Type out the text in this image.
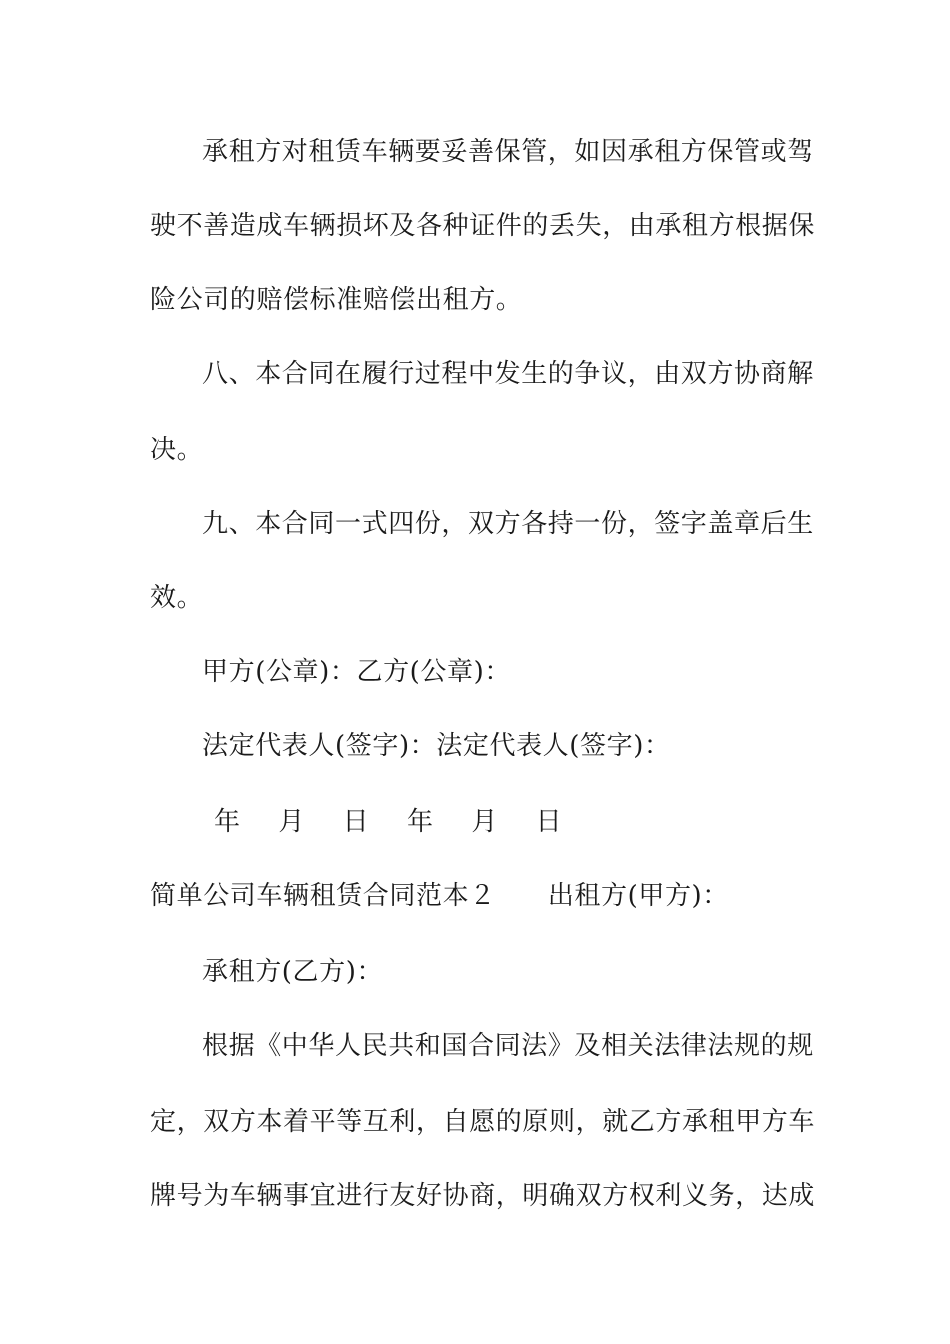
承租方对租赁车辆要妥善保管，如因承租方保管或驾
驶不善造成车辆损坏及各种证件的丢失，由承租方根据保
险公司的赔偿标准赔偿出租方。
八、本合同在履行过程中发生的争议，由双方协商解
决。
九、本合同一式四份，双方各持一份，签字盖章后生
效。
甲方(公章)：乙方(公章)：
法定代表人(签字)：法定代表人(签字)：
年  月  日  年  月  日
简单公司车辆租赁合同范本２ 出租方(甲方)：
承租方(乙方)：
根据《中华人民共和国合同法》及相关法律法规的规
定，双方本着平等互利，自愿的原则，就乙方承租甲方车
牌号为车辆事宜进行友好协商，明确双方权利义务，达成
